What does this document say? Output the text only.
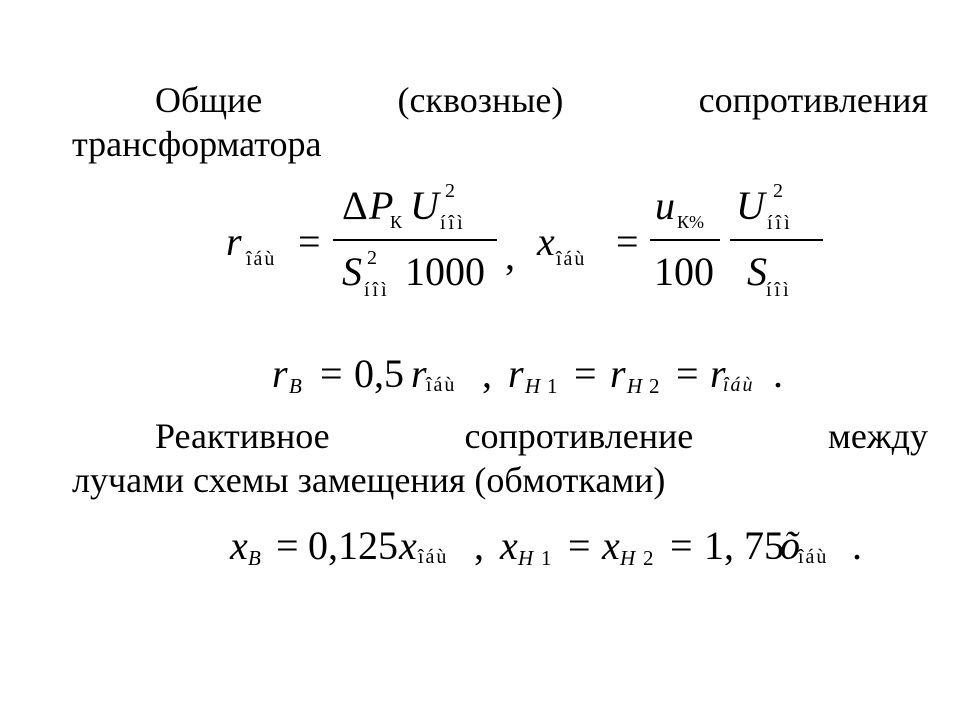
Общие	(сквозные)	сопротивления
трансформатора
r îáù =
Δ P
К U 2
íîì
S 2
íîì 1000 , x îáù =
u К%
100
U 2
íîì
S íîì
r B = 0,5 r îáù , r H 1 = r H 2 = r
îáù .
Реактивное	сопротивление	между
лучами схемы замещения (обмотками)
x B = 0,125 x îáù , x H 1 = x H 2 = 1, 75
õ
îáù .
